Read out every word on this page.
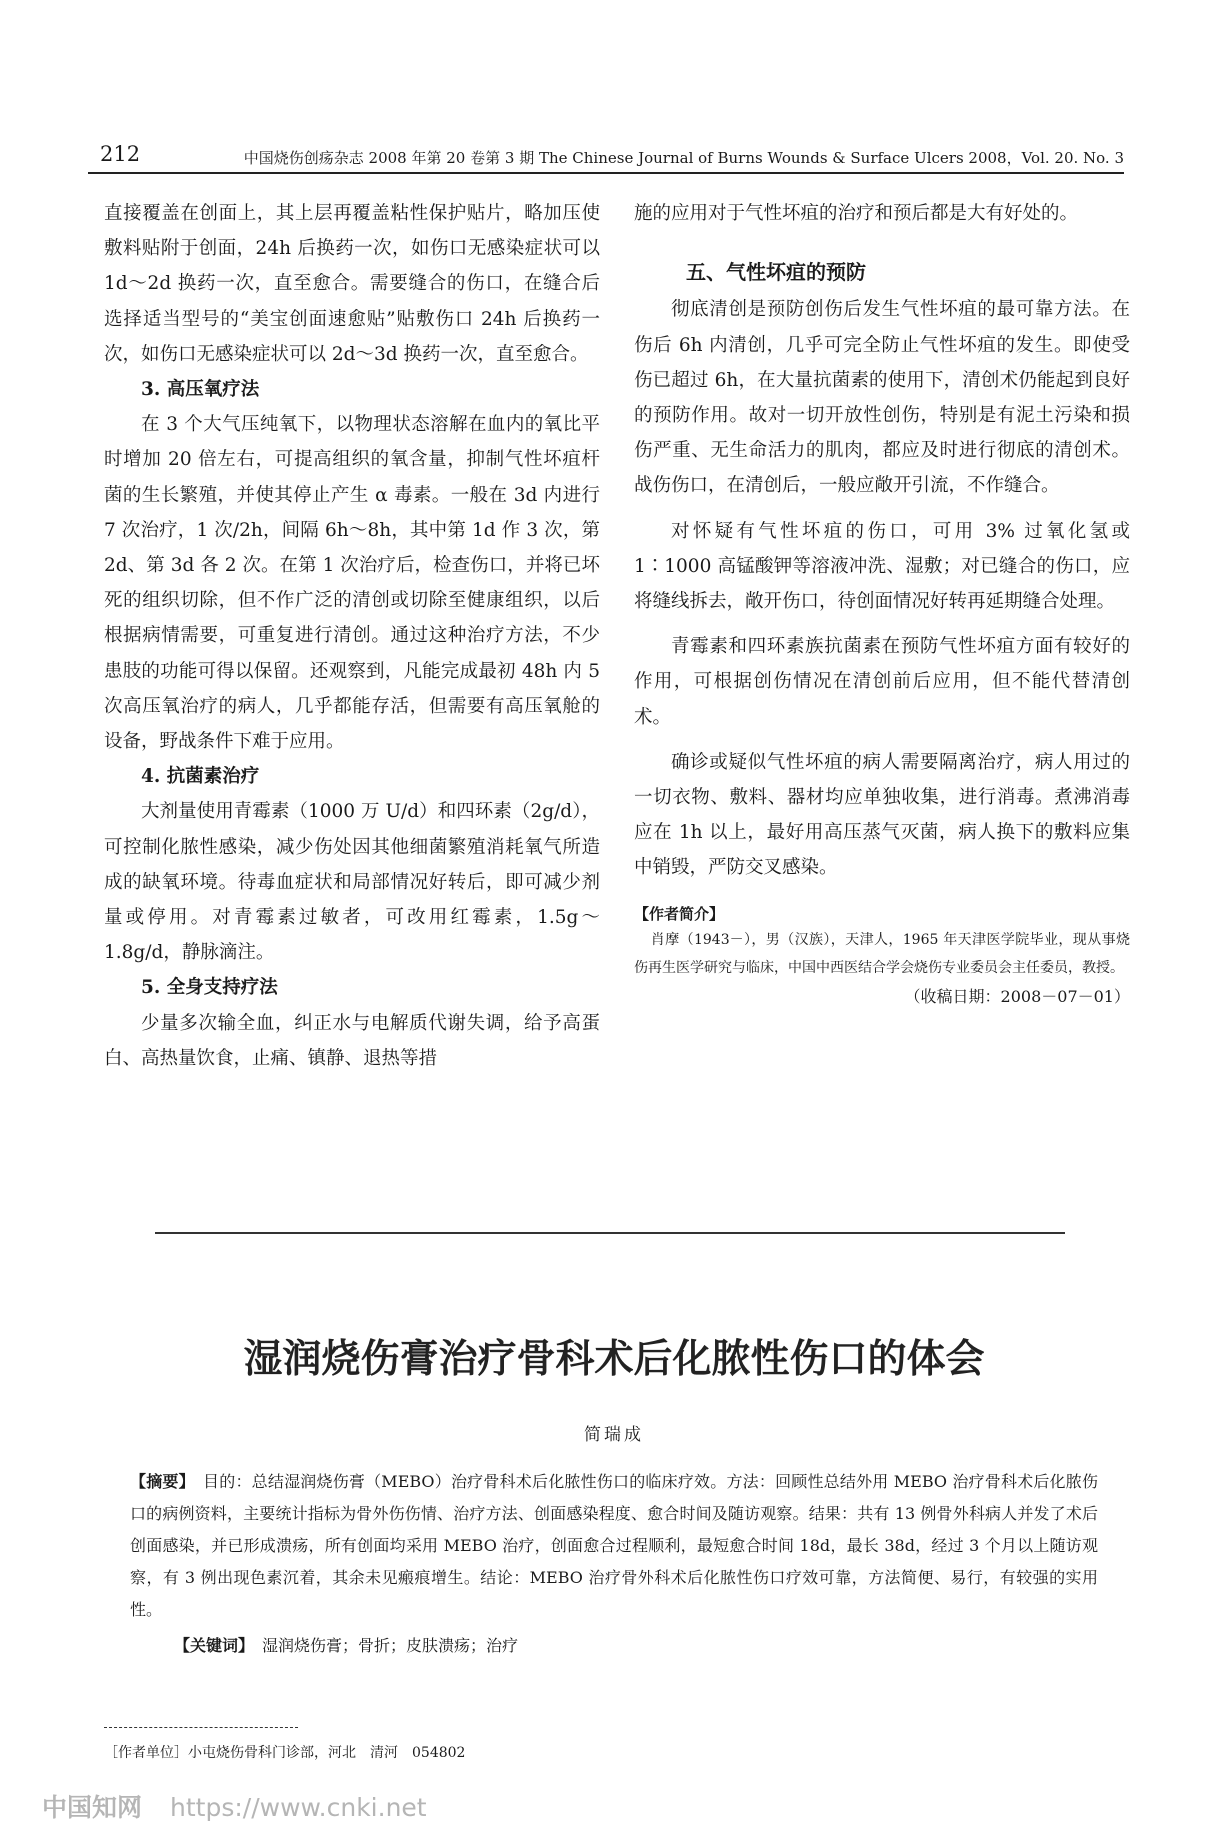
212	中国烧伤创疡杂志 2008 年第 20 卷第 3 期 The Chinese Journal of Burns Wounds & Surface Ulcers 2008，Vol. 20. No. 3

直接覆盖在创面上，其上层再覆盖粘性保护贴片，略加压使敷料贴附于创面，24h 后换药一次，如伤口无感染症状可以 1d～2d 换药一次，直至愈合。需要缝合的伤口，在缝合后选择适当型号的“美宝创面速愈贴”贴敷伤口 24h 后换药一次，如伤口无感染症状可以 2d～3d 换药一次，直至愈合。

3. 高压氧疗法

在 3 个大气压纯氧下，以物理状态溶解在血内的氧比平时增加 20 倍左右，可提高组织的氧含量，抑制气性坏疽杆菌的生长繁殖，并使其停止产生 α 毒素。一般在 3d 内进行 7 次治疗，1 次/2h，间隔 6h～8h，其中第 1d 作 3 次，第 2d、第 3d 各 2 次。在第 1 次治疗后，检查伤口，并将已坏死的组织切除，但不作广泛的清创或切除至健康组织，以后根据病情需要，可重复进行清创。通过这种治疗方法，不少患肢的功能可得以保留。还观察到，凡能完成最初 48h 内 5 次高压氧治疗的病人，几乎都能存活，但需要有高压氧舱的设备，野战条件下难于应用。

4. 抗菌素治疗

大剂量使用青霉素（1000 万 U/d）和四环素（2g/d），可控制化脓性感染，减少伤处因其他细菌繁殖消耗氧气所造成的缺氧环境。待毒血症状和局部情况好转后，即可减少剂量或停用。对青霉素过敏者，可改用红霉素，1.5g～1.8g/d，静脉滴注。

5. 全身支持疗法

少量多次输全血，纠正水与电解质代谢失调，给予高蛋白、高热量饮食，止痛、镇静、退热等措

施的应用对于气性坏疽的治疗和预后都是大有好处的。

五、气性坏疽的预防

彻底清创是预防创伤后发生气性坏疽的最可靠方法。在伤后 6h 内清创，几乎可完全防止气性坏疽的发生。即使受伤已超过 6h，在大量抗菌素的使用下，清创术仍能起到良好的预防作用。故对一切开放性创伤，特别是有泥土污染和损伤严重、无生命活力的肌肉，都应及时进行彻底的清创术。战伤伤口，在清创后，一般应敞开引流，不作缝合。

对怀疑有气性坏疽的伤口，可用 3% 过氧化氢或 1∶1000 高锰酸钾等溶液冲洗、湿敷；对已缝合的伤口，应将缝线拆去，敞开伤口，待创面情况好转再延期缝合处理。

青霉素和四环素族抗菌素在预防气性坏疽方面有较好的作用，可根据创伤情况在清创前后应用，但不能代替清创术。

确诊或疑似气性坏疽的病人需要隔离治疗，病人用过的一切衣物、敷料、器材均应单独收集，进行消毒。煮沸消毒应在 1h 以上，最好用高压蒸气灭菌，病人换下的敷料应集中销毁，严防交叉感染。

【作者简介】

肖摩（1943－），男（汉族），天津人，1965 年天津医学院毕业，现从事烧伤再生医学研究与临床，中国中西医结合学会烧伤专业委员会主任委员，教授。

（收稿日期：2008－07－01）

湿润烧伤膏治疗骨科术后化脓性伤口的体会
简瑞成

【摘要】　 目的：总结湿润烧伤膏（MEBO）治疗骨科术后化脓性伤口的临床疗效。方法：回顾性总结外用 MEBO 治疗骨科术后化脓伤口的病例资料，主要统计指标为骨外伤伤情、治疗方法、创面感染程度、愈合时间及随访观察。结果：共有 13 例骨外科病人并发了术后创面感染，并已形成溃疡，所有创面均采用 MEBO 治疗，创面愈合过程顺利，最短愈合时间 18d，最长 38d，经过 3 个月以上随访观察，有 3 例出现色素沉着，其余未见瘢痕增生。结论：MEBO 治疗骨外科术后化脓性伤口疗效可靠，方法简便、易行，有较强的实用性。

【关键词】　 湿润烧伤膏；骨折；皮肤溃疡；治疗

［作者单位］小屯烧伤骨科门诊部，河北　清河　054802
中国知网 https://www.cnki.net
